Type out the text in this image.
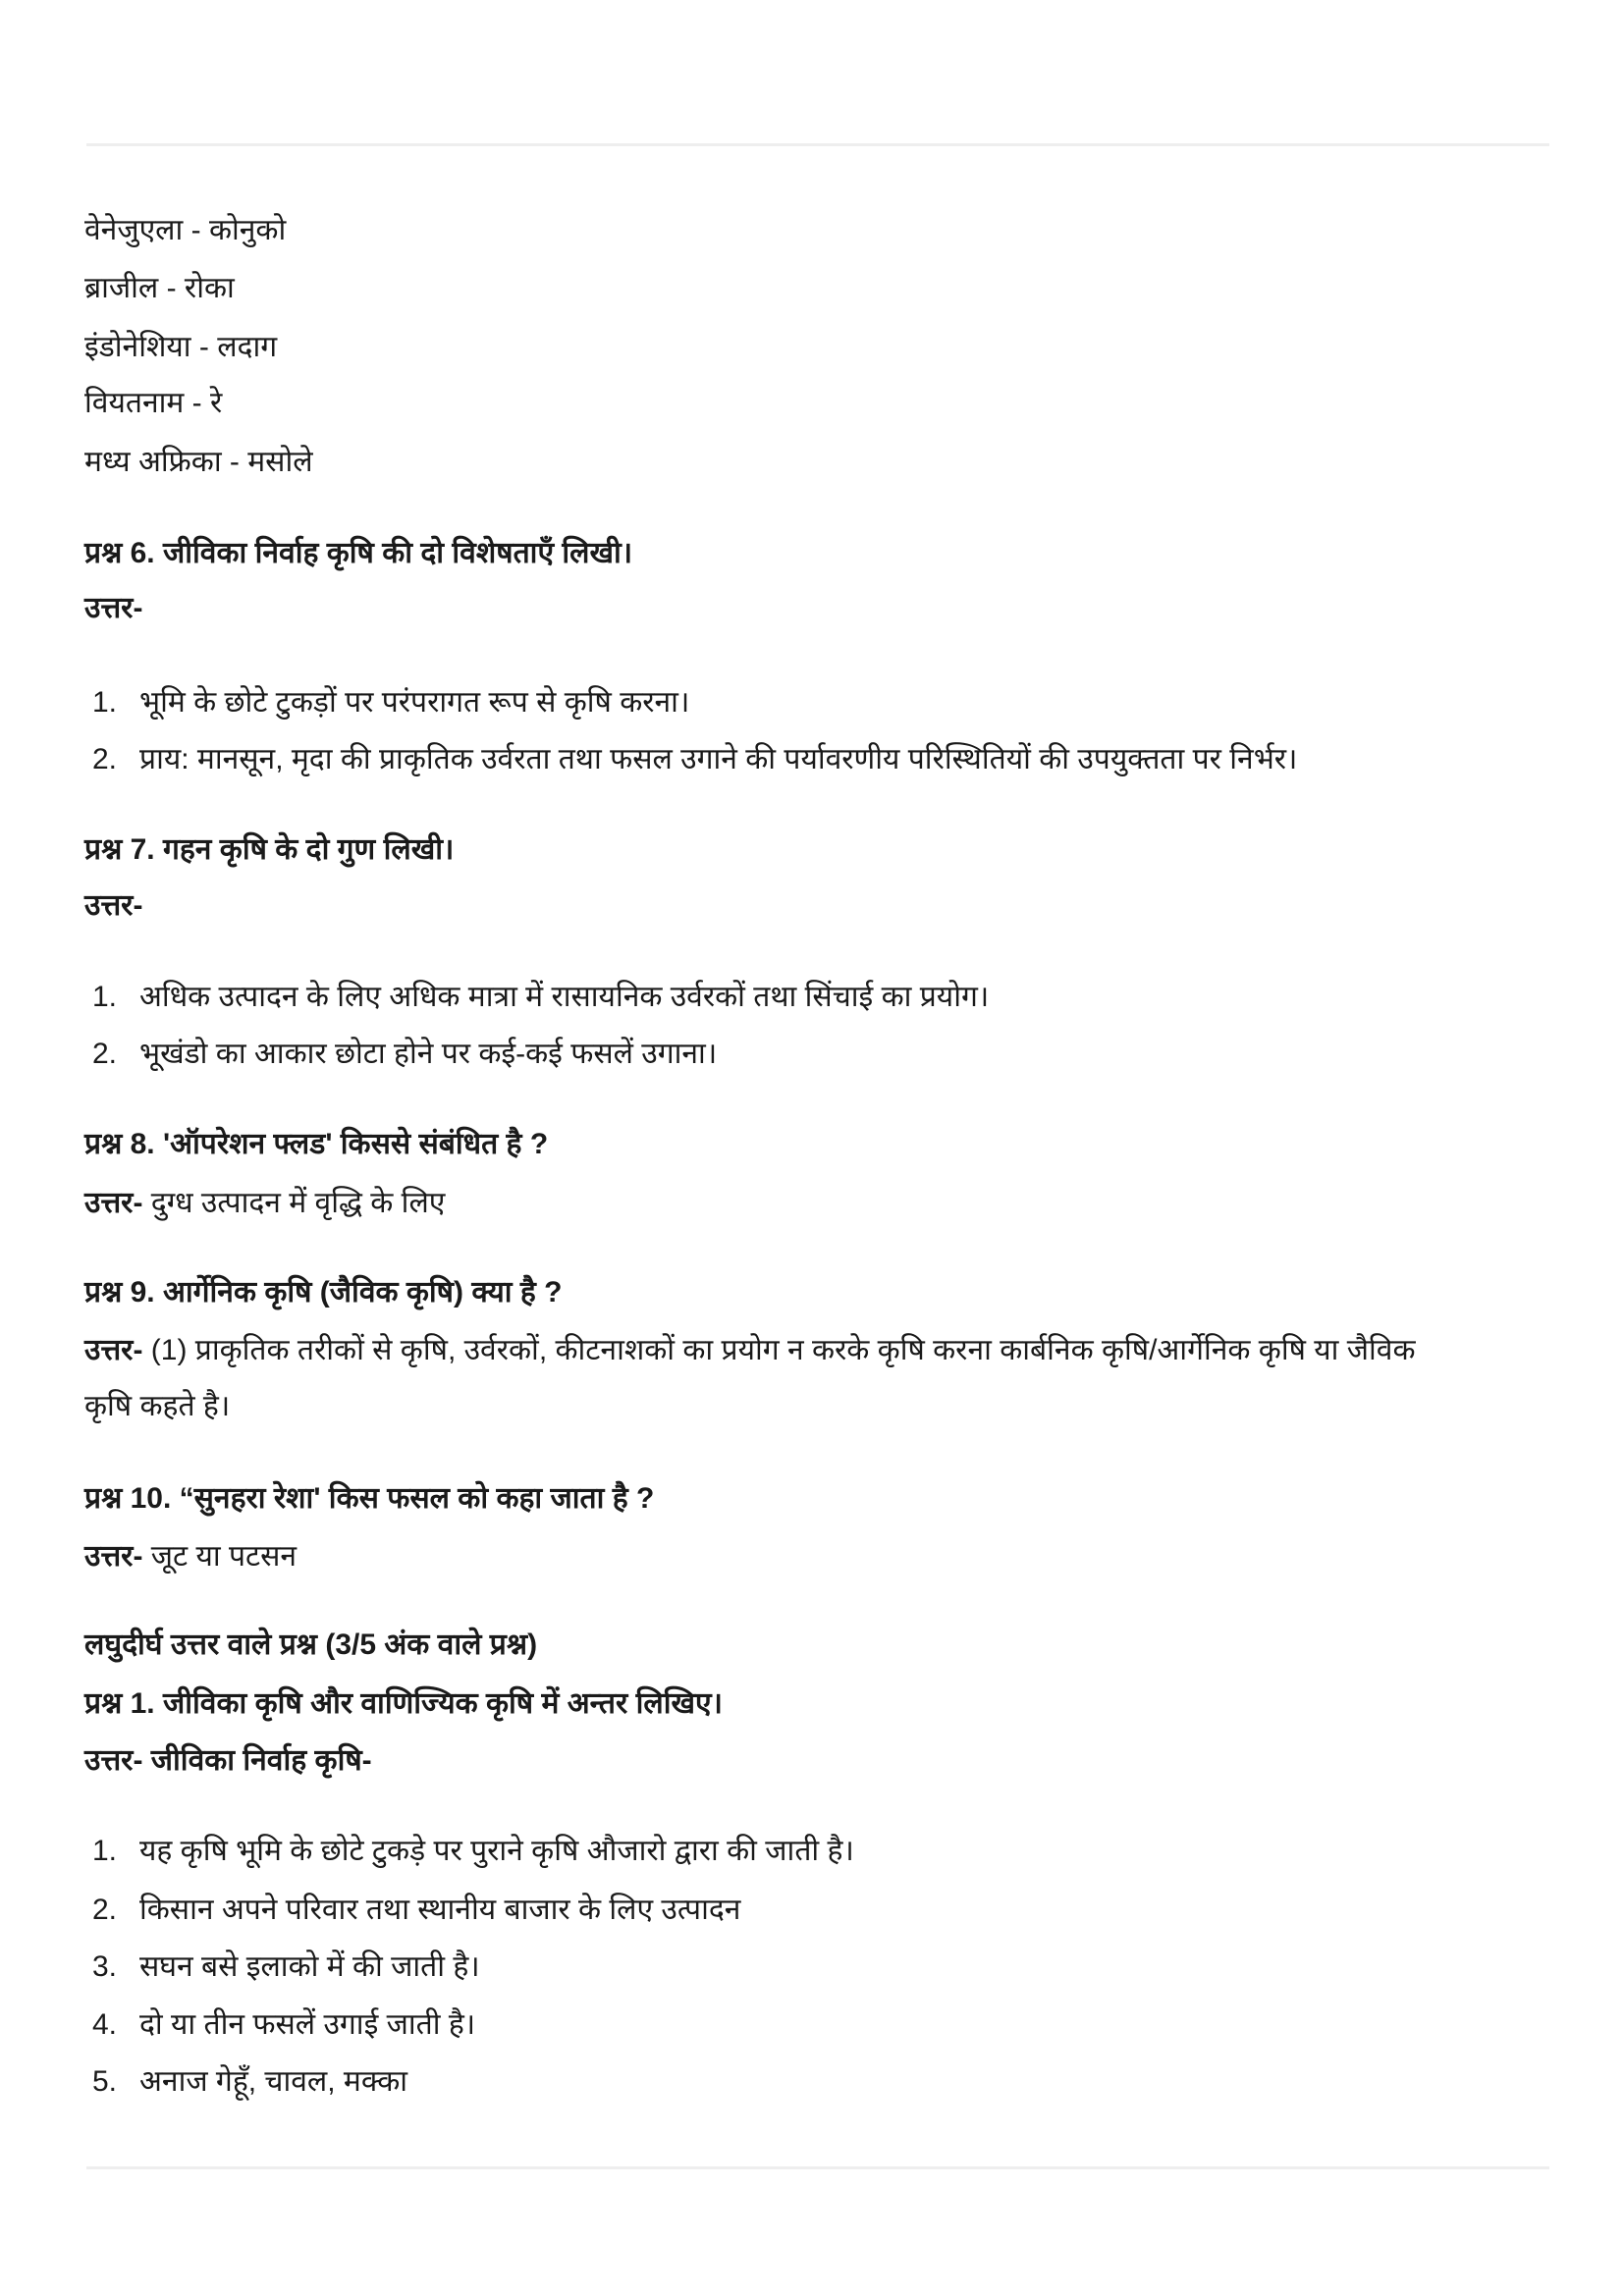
वेनेजुएला - कोनुको
ब्राजील - रोका
इंडोनेशिया - लदाग
वियतनाम - रे
मध्य अफ्रिका - मसोले
प्रश्न 6. जीविका निर्वाह कृषि की दो विशेषताएँ लिखी।
उत्तर-
1. भूमि के छोटे टुकड़ों पर परंपरागत रूप से कृषि करना।
2. प्राय: मानसून, मृदा की प्राकृतिक उर्वरता तथा फसल उगाने की पर्यावरणीय परिस्थितियों की उपयुक्तता पर निर्भर।
प्रश्न 7. गहन कृषि के दो गुण लिखी।
उत्तर-
1. अधिक उत्पादन के लिए अधिक मात्रा में रासायनिक उर्वरकों तथा सिंचाई का प्रयोग।
2. भूखंडो का आकार छोटा होने पर कई-कई फसलें उगाना।
प्रश्न 8. 'ऑपरेशन फ्लड' किससे संबंधित है ?
उत्तर- दुग्ध उत्पादन में वृद्धि के लिए
प्रश्न 9. आर्गेनिक कृषि (जैविक कृषि) क्या है ?
उत्तर- (1) प्राकृतिक तरीकों से कृषि, उर्वरकों, कीटनाशकों का प्रयोग न करके कृषि करना कार्बनिक कृषि/आर्गेनिक कृषि या जैविक
कृषि कहते है।
प्रश्न 10. “सुनहरा रेशा' किस फसल को कहा जाता है ?
उत्तर- जूट या पटसन
लघुदीर्घ उत्तर वाले प्रश्न (3/5 अंक वाले प्रश्न)
प्रश्न 1. जीविका कृषि और वाणिज्यिक कृषि में अन्तर लिखिए।
उत्तर- जीविका निर्वाह कृषि-
1. यह कृषि भूमि के छोटे टुकड़े पर पुराने कृषि औजारो द्वारा की जाती है।
2. किसान अपने परिवार तथा स्थानीय बाजार के लिए उत्पादन
3. सघन बसे इलाको में की जाती है।
4. दो या तीन फसलें उगाई जाती है।
5. अनाज गेहूँ, चावल, मक्का
